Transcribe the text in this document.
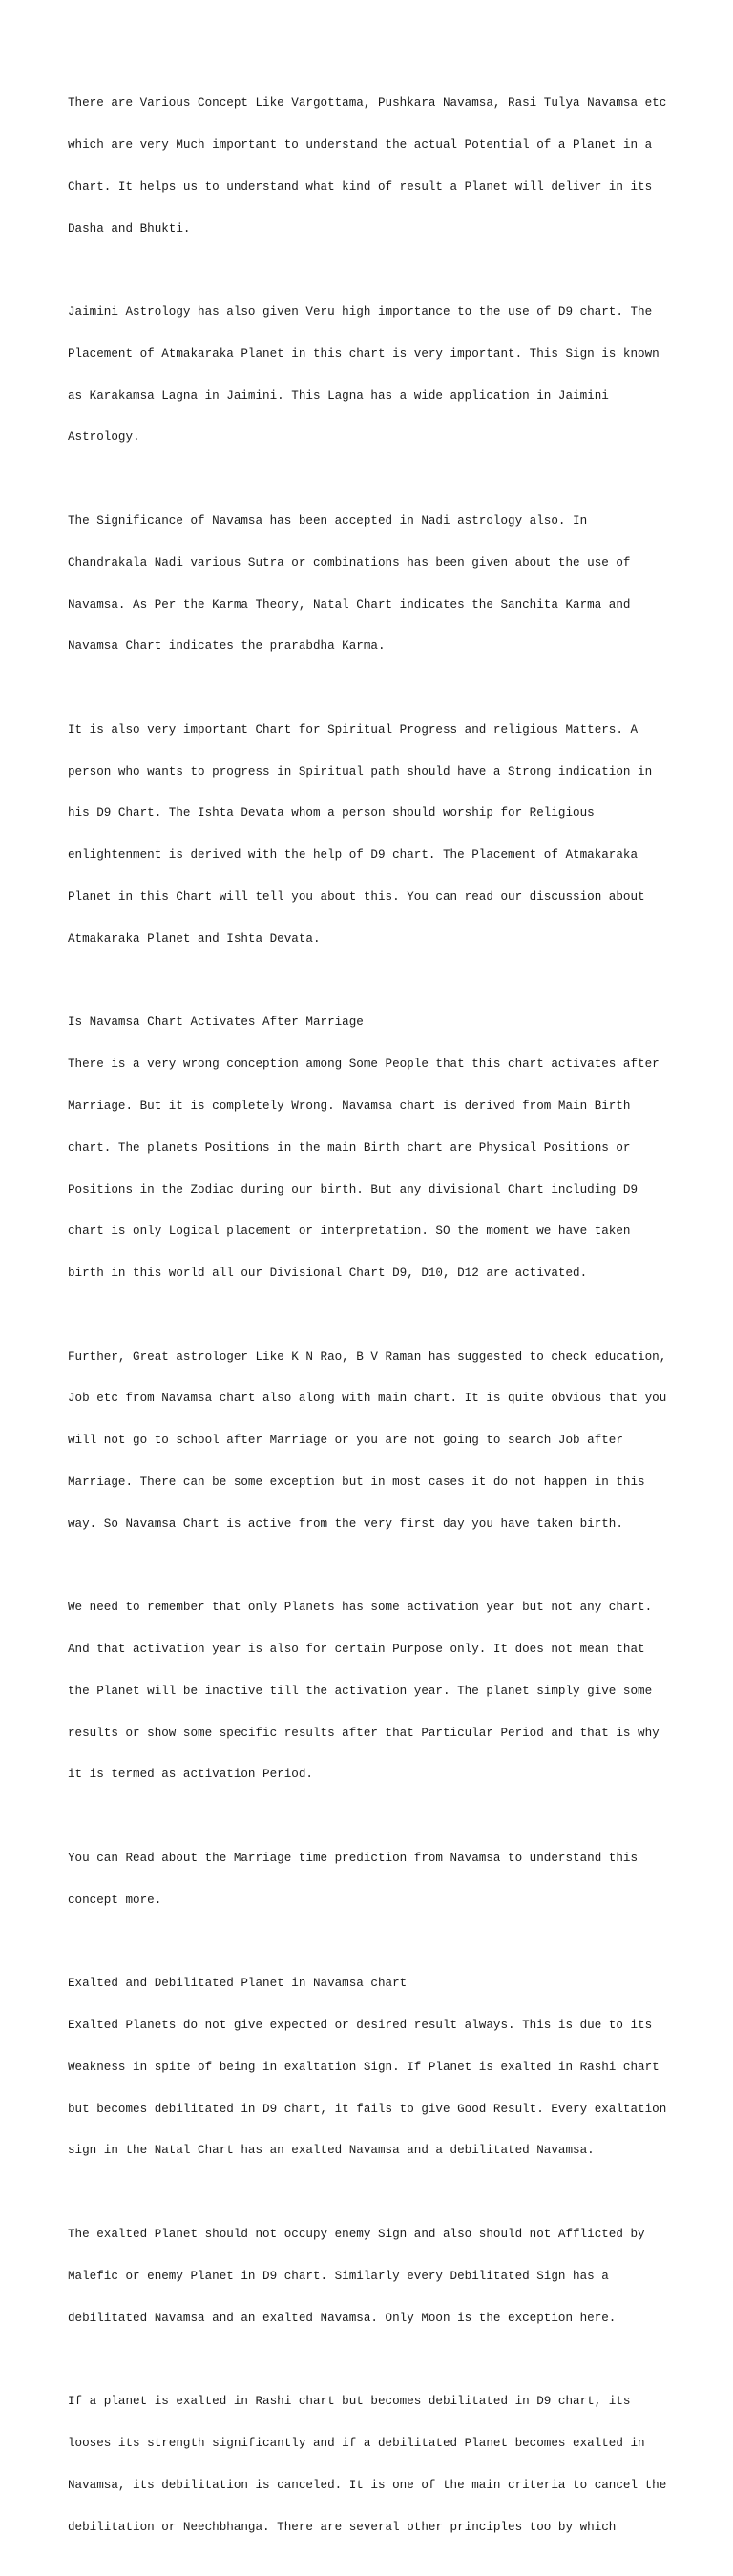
There are Various Concept Like Vargottama, Pushkara Navamsa, Rasi Tulya Navamsa etc

which are very Much important to understand the actual Potential of a Planet in a

Chart. It helps us to understand what kind of result a Planet will deliver in its

Dasha and Bhukti.

Jaimini Astrology has also given Veru high importance to the use of D9 chart. The

Placement of Atmakaraka Planet in this chart is very important. This Sign is known

as Karakamsa Lagna in Jaimini. This Lagna has a wide application in Jaimini

Astrology.

The Significance of Navamsa has been accepted in Nadi astrology also. In

Chandrakala Nadi various Sutra or combinations has been given about the use of

Navamsa. As Per the Karma Theory, Natal Chart indicates the Sanchita Karma and

Navamsa Chart indicates the prarabdha Karma.

It is also very important Chart for Spiritual Progress and religious Matters. A

person who wants to progress in Spiritual path should have a Strong indication in

his D9 Chart. The Ishta Devata whom a person should worship for Religious

enlightenment is derived with the help of D9 chart. The Placement of Atmakaraka

Planet in this Chart will tell you about this. You can read our discussion about

Atmakaraka Planet and Ishta Devata.

Is Navamsa Chart Activates After Marriage

There is a very wrong conception among Some People that this chart activates after

Marriage. But it is completely Wrong. Navamsa chart is derived from Main Birth

chart. The planets Positions in the main Birth chart are Physical Positions or

Positions in the Zodiac during our birth. But any divisional Chart including D9

chart is only Logical placement or interpretation. SO the moment we have taken

birth in this world all our Divisional Chart D9, D10, D12 are activated.

Further, Great astrologer Like K N Rao, B V Raman has suggested to check education,

Job etc from Navamsa chart also along with main chart. It is quite obvious that you

will not go to school after Marriage or you are not going to search Job after

Marriage. There can be some exception but in most cases it do not happen in this

way. So Navamsa Chart is active from the very first day you have taken birth.

We need to remember that only Planets has some activation year but not any chart.

And that activation year is also for certain Purpose only. It does not mean that

the Planet will be inactive till the activation year. The planet simply give some

results or show some specific results after that Particular Period and that is why

it is termed as activation Period.

You can Read about the Marriage time prediction from Navamsa to understand this

concept more.

Exalted and Debilitated Planet in Navamsa chart

Exalted Planets do not give expected or desired result always. This is due to its

Weakness in spite of being in exaltation Sign. If Planet is exalted in Rashi chart

but becomes debilitated in D9 chart, it fails to give Good Result. Every exaltation

sign in the Natal Chart has an exalted Navamsa and a debilitated Navamsa.

The exalted Planet should not occupy enemy Sign and also should not Afflicted by

Malefic or enemy Planet in D9 chart. Similarly every Debilitated Sign has a

debilitated Navamsa and an exalted Navamsa. Only Moon is the exception here.

If a planet is exalted in Rashi chart but becomes debilitated in D9 chart, its

looses its strength significantly and if a debilitated Planet becomes exalted in

Navamsa, its debilitation is canceled. It is one of the main criteria to cancel the

debilitation or Neechbhanga. There are several other principles too by which
